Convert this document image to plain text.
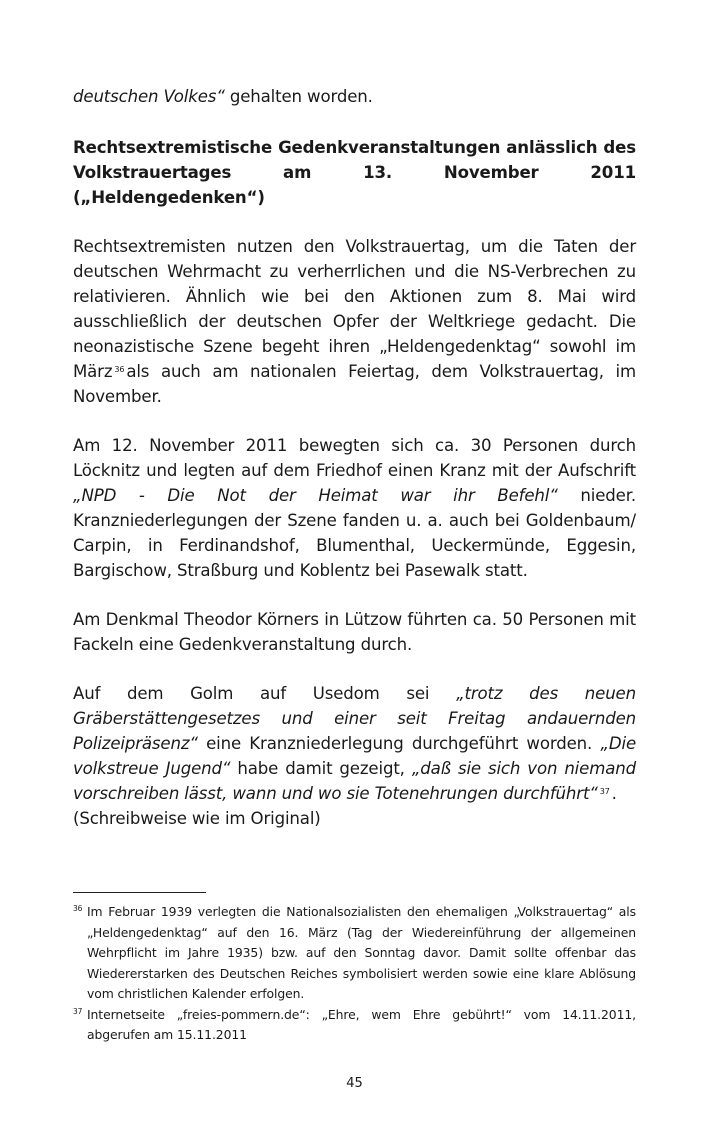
deutschen Volkes“ gehalten worden.

Rechtsextremistische Gedenkveranstaltungen anlässlich des Volkstrauertages am 13. November 2011 („Heldengedenken“)

Rechtsextremisten nutzen den Volkstrauertag, um die Taten der deutschen Wehrmacht zu verherrlichen und die NS-Verbrechen zu relativieren. Ähnlich wie bei den Aktionen zum 8. Mai wird ausschließlich der deutschen Opfer der Weltkriege gedacht. Die neonazistische Szene begeht ihren „Heldengedenktag“ sowohl im März $^{36}$ als auch am nationalen Feiertag, dem Volkstrauertag, im November.

Am 12. November 2011 bewegten sich ca. 30 Personen durch Löcknitz und legten auf dem Friedhof einen Kranz mit der Aufschrift „NPD - Die Not der Heimat war ihr Befehl“ nieder. Kranzniederlegungen der Szene fanden u. a. auch bei Goldenbaum/ Carpin, in Ferdinandshof, Blumenthal, Ueckermünde, Eggesin, Bargischow, Straßburg und Koblentz bei Pasewalk statt.

Am Denkmal Theodor Körners in Lützow führten ca. 50 Personen mit Fackeln eine Gedenkveranstaltung durch.

Auf dem Golm auf Usedom sei „trotz des neuen Gräberstättengesetzes und einer seit Freitag andauernden Polizeipräsenz“ eine Kranzniederlegung durchgeführt worden. „Die volkstreue Jugend“ habe damit gezeigt, „daß sie sich von niemand vorschreiben lässt, wann und wo sie Totenehrungen durchführt“ $^{37}$ .

(Schreibweise wie im Original)

36 Im Februar 1939 verlegten die Nationalsozialisten den ehemaligen „Volkstrauertag“ als „Heldengedenktag“ auf den 16. März (Tag der Wiedereinführung der allgemeinen Wehrpflicht im Jahre 1935) bzw. auf den Sonntag davor. Damit sollte offenbar das Wiedererstarken des Deutschen Reiches symbolisiert werden sowie eine klare Ablösung vom christlichen Kalender erfolgen.
37 Internetseite „freies-pommern.de“: „Ehre, wem Ehre gebührt!“ vom 14.11.2011, abgerufen am 15.11.2011
45
